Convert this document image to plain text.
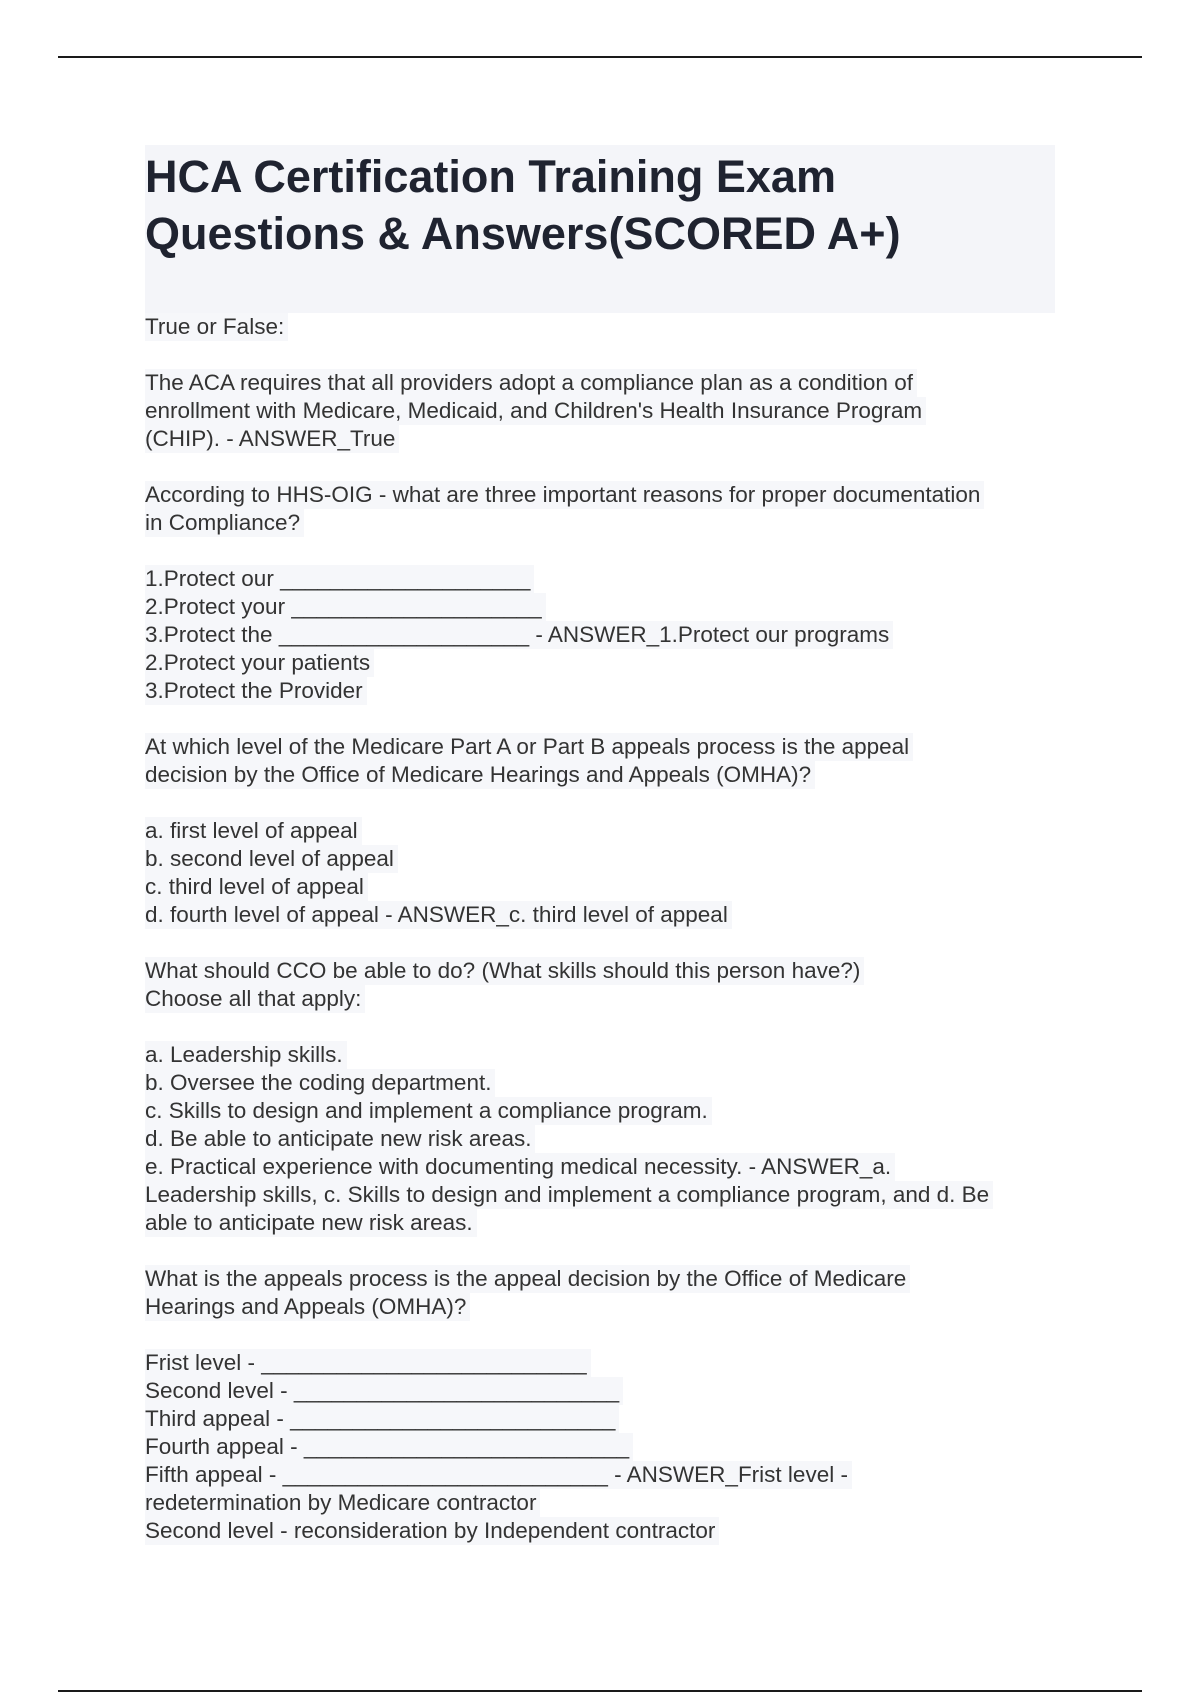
HCA Certification Training Exam
Questions & Answers(SCORED A+)
True or False:
The ACA requires that all providers adopt a compliance plan as a condition of
enrollment with Medicare, Medicaid, and Children's Health Insurance Program
(CHIP). - ANSWER_True
According to HHS-OIG - what are three important reasons for proper documentation
in Compliance?
1.Protect our ____________________
2.Protect your ____________________
3.Protect the ____________________ - ANSWER_1.Protect our programs
2.Protect your patients
3.Protect the Provider
At which level of the Medicare Part A or Part B appeals process is the appeal
decision by the Office of Medicare Hearings and Appeals (OMHA)?
a. first level of appeal
b. second level of appeal
c. third level of appeal
d. fourth level of appeal - ANSWER_c. third level of appeal
What should CCO be able to do? (What skills should this person have?)
Choose all that apply:
a. Leadership skills.
b. Oversee the coding department.
c. Skills to design and implement a compliance program.
d. Be able to anticipate new risk areas.
e. Practical experience with documenting medical necessity. - ANSWER_a.
Leadership skills, c. Skills to design and implement a compliance program, and d. Be
able to anticipate new risk areas.
What is the appeals process is the appeal decision by the Office of Medicare
Hearings and Appeals (OMHA)?
Frist level - __________________________
Second level - __________________________
Third appeal - __________________________
Fourth appeal - __________________________
Fifth appeal - __________________________ - ANSWER_Frist level -
redetermination by Medicare contractor
Second level - reconsideration by Independent contractor
